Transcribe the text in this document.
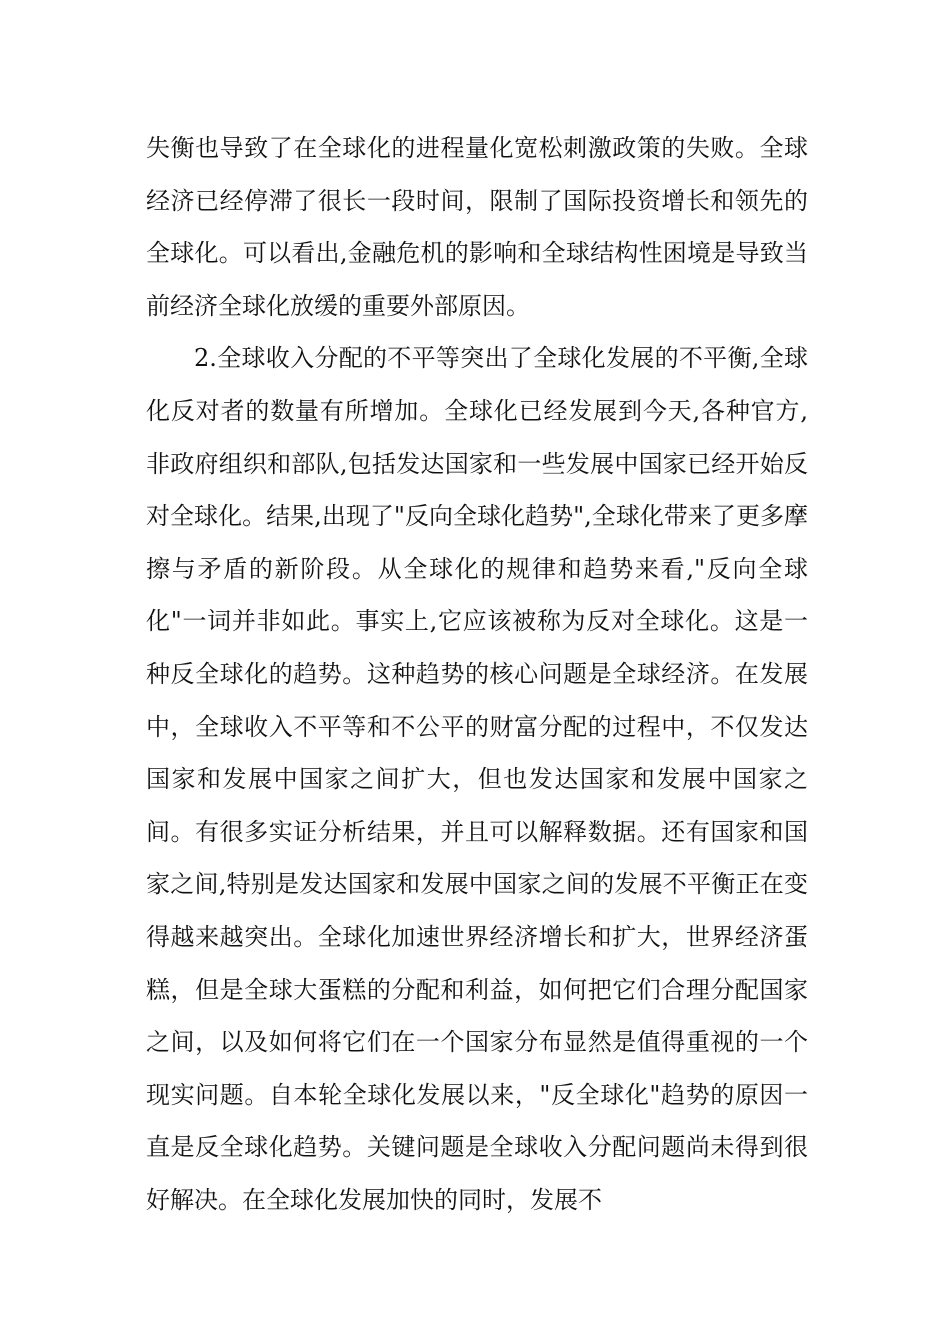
失衡也导致了在全球化的进程量化宽松刺激政策的失败。全球经济已经停滞了很长一段时间，限制了国际投资增长和领先的全球化。可以看出,金融危机的影响和全球结构性困境是导致当前经济全球化放缓的重要外部原因。

2.全球收入分配的不平等突出了全球化发展的不平衡,全球化反对者的数量有所增加。全球化已经发展到今天,各种官方,非政府组织和部队,包括发达国家和一些发展中国家已经开始反对全球化。结果,出现了"反向全球化趋势",全球化带来了更多摩擦与矛盾的新阶段。从全球化的规律和趋势来看,"反向全球化"一词并非如此。事实上,它应该被称为反对全球化。这是一种反全球化的趋势。这种趋势的核心问题是全球经济。在发展中，全球收入不平等和不公平的财富分配的过程中，不仅发达国家和发展中国家之间扩大，但也发达国家和发展中国家之间。有很多实证分析结果，并且可以解释数据。还有国家和国家之间,特别是发达国家和发展中国家之间的发展不平衡正在变得越来越突出。全球化加速世界经济增长和扩大，世界经济蛋糕，但是全球大蛋糕的分配和利益，如何把它们合理分配国家之间，以及如何将它们在一个国家分布显然是值得重视的一个现实问题。自本轮全球化发展以来，"反全球化"趋势的原因一直是反全球化趋势。关键问题是全球收入分配问题尚未得到很好解决。在全球化发展加快的同时，发展不
